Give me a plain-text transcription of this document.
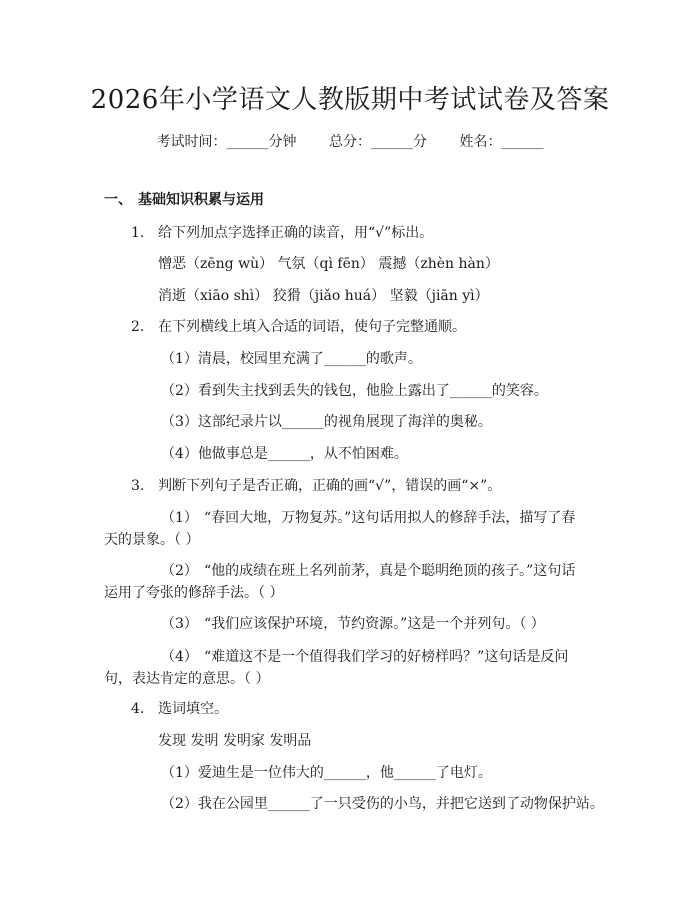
2026年小学语文人教版期中考试试卷及答案
考试时间：______分钟 总分：______分 姓名：______
一、 基础知识积累与运用
1. 给下列加点字选择正确的读音，用“√”标出。
憎恶（zēng wù） 气氛（qì fēn） 震撼（zhèn hàn）
消逝（xiāo shì） 狡猾（jiǎo huá） 坚毅（jiān yì）
2. 在下列横线上填入合适的词语，使句子完整通顺。
（1）清晨，校园里充满了______的歌声。
（2）看到失主找到丢失的钱包，他脸上露出了______的笑容。
（3）这部纪录片以______的视角展现了海洋的奥秘。
（4）他做事总是______，从不怕困难。
3. 判断下列句子是否正确，正确的画“√”，错误的画“×”。
（1） “春回大地，万物复苏。”这句话用拟人的修辞手法，描写了春天的景象。（ ）
（2） “他的成绩在班上名列前茅，真是个聪明绝顶的孩子。”这句话运用了夸张的修辞手法。（ ）
（3） “我们应该保护环境，节约资源。”这是一个并列句。（ ）
（4） “难道这不是一个值得我们学习的好榜样吗？”这句话是反问句，表达肯定的意思。（ ）
4. 选词填空。
发现 发明 发明家 发明品
（1）爱迪生是一位伟大的______，他______了电灯。
（2）我在公园里______了一只受伤的小鸟，并把它送到了动物保护站。
